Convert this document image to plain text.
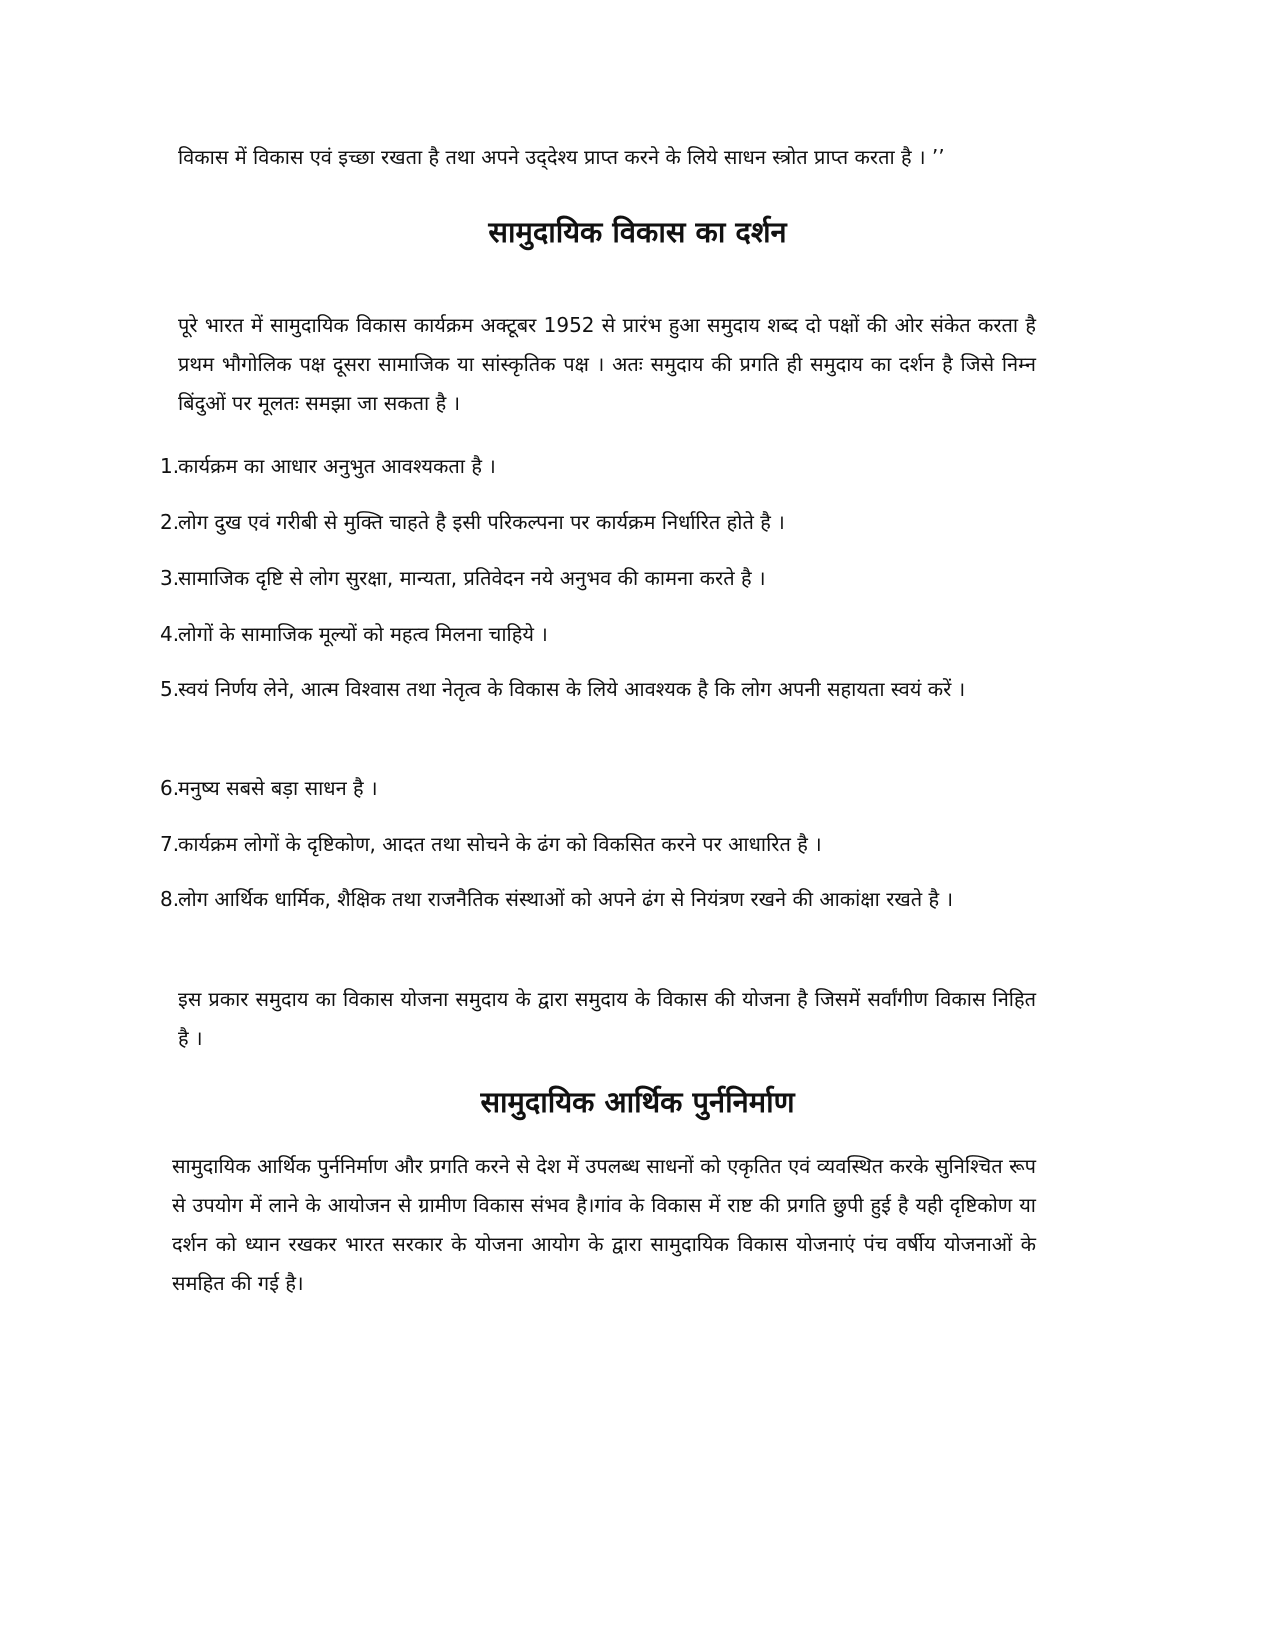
विकास में विकास एवं इच्छा रखता है तथा अपने उद्‌देश्य प्राप्त करने के लिये साधन स्त्रोत प्राप्त करता है । ’’

सामुदायिक विकास का दर्शन

पूरे भारत में सामुदायिक विकास कार्यक्रम अक्टूबर 1952 से प्रारंभ हुआ समुदाय शब्द दो पक्षों की ओर संकेत करता है प्रथम भौगोलिक पक्ष दूसरा सामाजिक या सांस्कृतिक पक्ष । अतः समुदाय की प्रगति ही समुदाय का दर्शन है जिसे निम्न बिंदुओं पर मूलतः समझा जा सकता है ।

1.
कार्यक्रम का आधार अनुभुत आवश्यकता है ।
2.
लोग दुख एवं गरीबी से मुक्ति चाहते है इसी परिकल्पना पर कार्यक्रम निर्धारित होते है ।
3.
सामाजिक दृष्टि से लोग सुरक्षा, मान्यता, प्रतिवेदन नये अनुभव की कामना करते है ।
4.
लोगों के सामाजिक मूल्यों को महत्व मिलना चाहिये ।
5.
स्वयं निर्णय लेने, आत्म विश्वास तथा नेतृत्व के विकास के लिये आवश्यक है कि लोग अपनी सहायता स्वयं करें ।
6.
मनुष्य सबसे बड़ा साधन है ।
7.
कार्यक्रम लोगों के दृष्टिकोण, आदत तथा सोचने के ढंग को विकसित करने पर आधारित है ।
8.
लोग आर्थिक धार्मिक, शैक्षिक तथा राजनैतिक संस्थाओं को अपने ढंग से नियंत्रण रखने की आकांक्षा रखते है ।

इस प्रकार समुदाय का विकास योजना समुदाय के द्वारा समुदाय के विकास की योजना है जिसमें सर्वांगीण विकास निहित है ।

सामुदायिक आर्थिक पुर्ननिर्माण

सामुदायिक आर्थिक पुर्ननिर्माण और प्रगति करने से देश में उपलब्ध साधनों को एकृतित एवं व्यवस्थित करके सुनिश्चित रूप से उपयोग में लाने के आयोजन से ग्रामीण विकास संभव है।गांव के विकास में राष्ट की प्रगति छुपी हुई है यही दृष्टिकोण या दर्शन को ध्यान रखकर भारत सरकार के योजना आयोग के द्वारा सामुदायिक विकास योजनाएं पंच वर्षीय योजनाओं के समहित की गई है।
